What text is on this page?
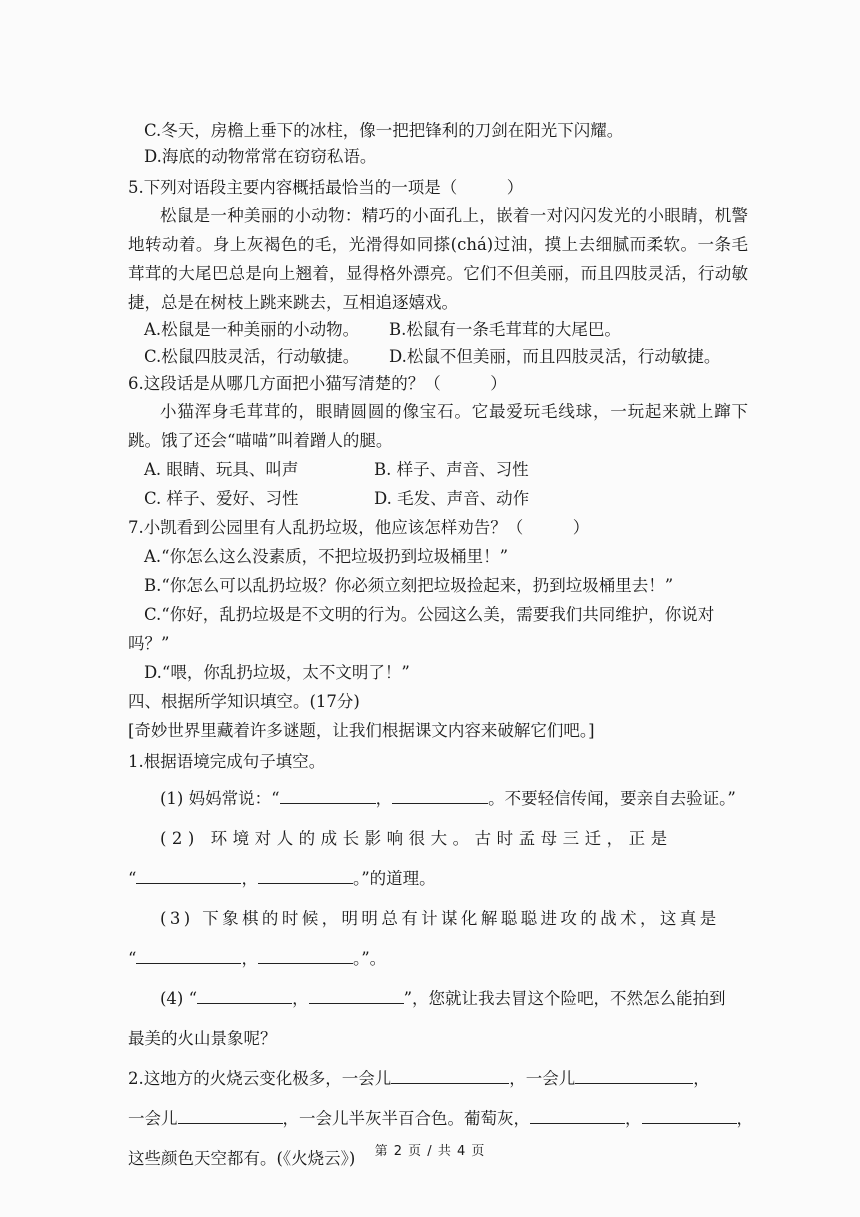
C.冬天，房檐上垂下的冰柱，像一把把锋利的刀剑在阳光下闪耀。
D.海底的动物常常在窃窃私语。
5.下列对语段主要内容概括最恰当的一项是（　　　）
松鼠是一种美丽的小动物：精巧的小面孔上，嵌着一对闪闪发光的小眼睛，机警地转动着。身上灰褐色的毛，光滑得如同搽(chá)过油，摸上去细腻而柔软。一条毛茸茸的大尾巴总是向上翘着，显得格外漂亮。它们不但美丽，而且四肢灵活，行动敏捷，总是在树枝上跳来跳去，互相追逐嬉戏。
A.松鼠是一种美丽的小动物。	B.松鼠有一条毛茸茸的大尾巴。
C.松鼠四肢灵活，行动敏捷。	D.松鼠不但美丽，而且四肢灵活，行动敏捷。
6.这段话是从哪几方面把小猫写清楚的？（　　　）
小猫浑身毛茸茸的，眼睛圆圆的像宝石。它最爱玩毛线球，一玩起来就上蹿下跳。饿了还会“喵喵”叫着蹭人的腿。
A. 眼睛、玩具、叫声	B. 样子、声音、习性
C. 样子、爱好、习性	D. 毛发、声音、动作
7.小凯看到公园里有人乱扔垃圾，他应该怎样劝告？（　　　）
A.“你怎么这么没素质，不把垃圾扔到垃圾桶里！”
B.“你怎么可以乱扔垃圾？你必须立刻把垃圾捡起来，扔到垃圾桶里去！”
C.“你好，乱扔垃圾是不文明的行为。公园这么美，需要我们共同维护，你说对
吗？”
D.“喂，你乱扔垃圾，太不文明了！”
四、根据所学知识填空。(17分)
[奇妙世界里藏着许多谜题，让我们根据课文内容来破解它们吧。]
1.根据语境完成句子填空。
(1) 妈妈常说：“	，	。不要轻信传闻，要亲自去验证。”
(2) 环境对人的成长影响很大。古时孟母三迁，正是
“	，	。”的道理。
(3) 下象棋的时候，明明总有计谋化解聪聪进攻的战术，这真是
“	，	。”。
(4) “	，	”，您就让我去冒这个险吧，不然怎么能拍到
最美的火山景象呢？
2.这地方的火烧云变化极多，一会儿	，一会儿	，
一会儿	，一会儿半灰半百合色。葡萄灰，	，	，
这些颜色天空都有。(《火烧云》)	第 2 页 / 共 4 页
